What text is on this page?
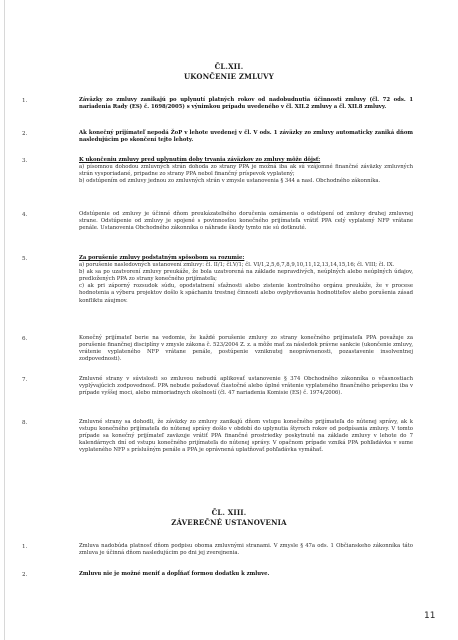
ČL.XII.
UKONČENIE ZMLUVY
1.	Záväzky zo zmluvy zanikajú po uplynutí platných rokov od nadobudnutia účinnosti zmluvy (čl. 72 ods. 1 nariadenia Rady (ES) č. 1698/2005) s výnimkou prípadu uvedeného v čl. XII.2 zmluvy a čl. XII.8 zmluvy.
2.	Ak konečný prijímateľ nepodá ŽoP v lehote uvedenej v čl. V ods. 1 záväzky zo zmluvy automaticky zaniká dňom nasledujúcim po skončení tejto lehoty.
3.	K ukončeniu zmluvy pred uplynutím doby trvania záväzkov zo zmluvy môže dôjsť:
a) písomnou dohodou zmluvných strán dohoda zo strany PPA je možná iba ak sú vzájomné finančné záväzky zmluvných strán vysporiadané, pripadne zo strany PPA nebol finančný príspevok vyplatený;
b) odstúpením od zmluvy jednou zo zmluvných strán v zmysle ustanovenia § 344 a nasl. Obchodného zákonníka.
4.	Odstúpenie od zmluvy je účinné dňom preukázateľného doručenia oznámenia o odstúpení od zmluvy druhej zmluvnej strane. Odstúpenie od zmluvy je spojené s povinnosťou konečného prijímateľa vrátiť PPA celý vyplatený NFP vrátane penále. Ustanovenia Obchodného zákonníka o náhrade škody tymto nie sú dotknuté.
5.	Za porušenie zmluvy podstatným spôsobom sa rozumie:
a) porušenie nasledovných ustanovení zmluvy: čl. II/1; čl.V/1; čl. VI/1,2,5,6,7,8,9,10,11,12,13,14,15,16; čl. VIII; čl. IX.
b) ak sa po uzatvorení zmluvy preukáže, že bola uzatvorená na základe nepravdivých, neúplných alebo neúplných údajov, predložených PPA zo strany konečného prijímateľa;
c) ak pri záporný rozsudok súdu, opodstatnení sťažnosti alebo zistenie kontrolného orgánu preukáže, že v procese hodnotenia a výberu projektov došlo k spáchaniu trestnej činnosti alebo ovplyvňovania hodnotiteľov alebo porušenia zásad konfliktu záujmov.
6.	Konečný prijímateľ berie na vedomie, že každé porušenie zmluvy zo strany konečného prijímateľa PPA považuje za porušenie finančnej disciplíny v zmysle zákona č. 523/2004 Z. z. a môže mať za následok právne sankcie (ukončenie zmluvy, vrátenie vyplateného NFP vrátane penále, postúpenie vzniknutej neoprávnenosti, pozastavenie insolventnej zodpovednosti).
7.	Zmluvné strany v súvislosti so zmluvou nebudú aplikovať ustanovenie § 374 Obchodného zákonníka o včasnostiach vyplývajúcich zodpovednosť. PPA nebude požadovať čiastočné alebo úplné vrátenie vyplateného finančného príspevku iba v prípade vyššej moci, alebo mimoriadnych okolností (čl. 47 nariadenia Komisie (ES) č. 1974/2006).
8.	Zmluvné strany sa dohodli, že záväzky zo zmluvy zanikajú dňom vstupu konečného prijímateľa do nútenej správy, ak k vstupu konečného prijímateľa do nútenej správy došlo v období do uplynutia štyroch rokov od podpísania zmluvy. V tomto prípade sa konečný prijímateľ zaväzuje vrátiť PPA finančné prostriedky poskytnuté na základe zmluvy v lehote do 7 kalendárnych dní od vstupu konečného prijímateľa do nútenej správy. V opačnom prípade vzniká PPA pohľadávka v sume vyplateného NFP s príslušným penále a PPA je oprávnená uplatňovať pohľadávka vymáhať.
ČL. XIII.
ZÁVEREČNÉ USTANOVENIA
1.	Zmluva nadobúda platnosť dňom podpisu oboma zmluvnými stranami. V zmysle § 47a ods. 1 Občianskeho zákonníka táto zmluva je účinná dňom nasledujúcim po dni jej zverejnenia.
2.	Zmluvu nie je možné meniť a dopĺňať formou dodatku k zmluve.
11
